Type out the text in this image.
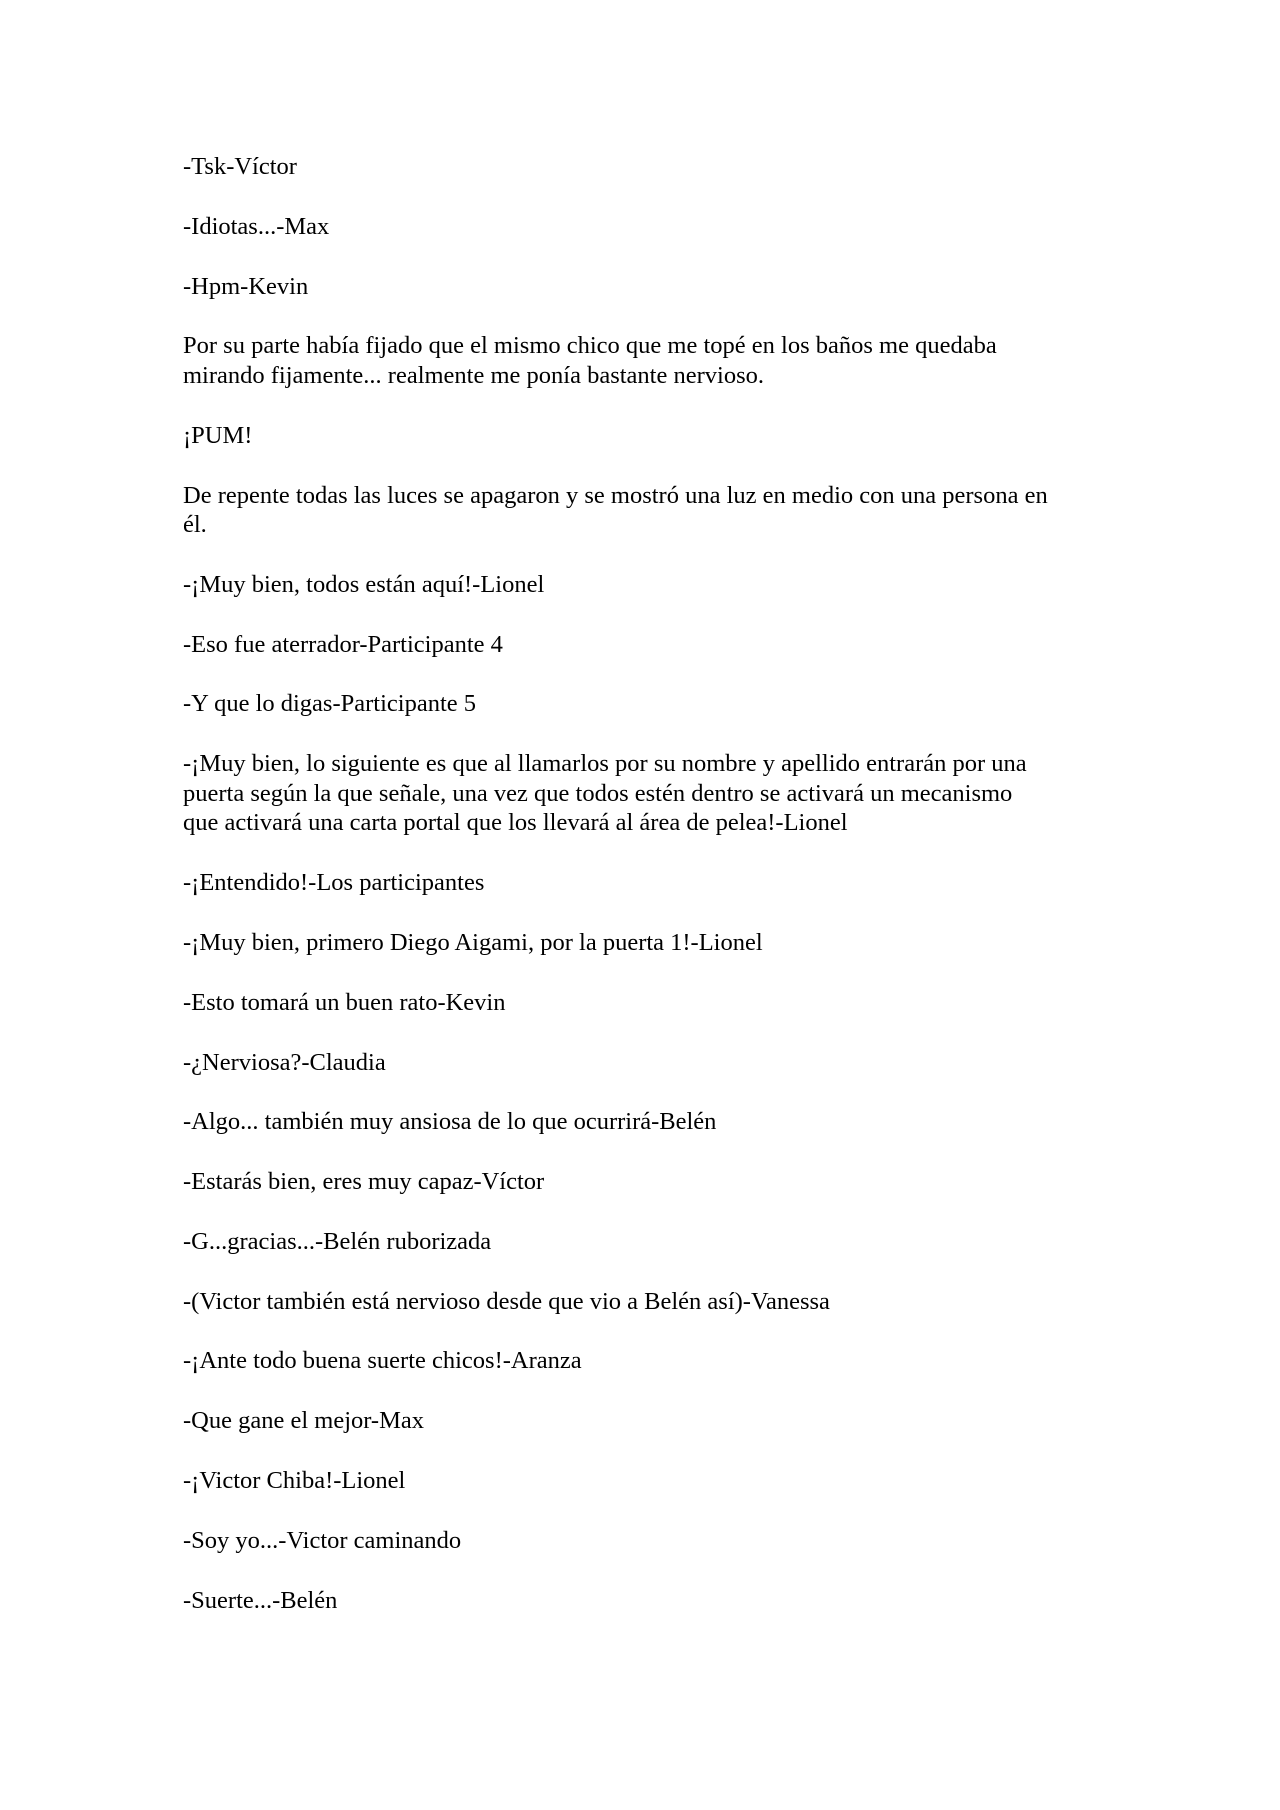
-Tsk-Víctor

-Idiotas...-Max

-Hpm-Kevin

Por su parte había fijado que el mismo chico que me topé en los baños me quedaba
mirando fijamente... realmente me ponía bastante nervioso.

¡PUM!

De repente todas las luces se apagaron y se mostró una luz en medio con una persona en
él.

-¡Muy bien, todos están aquí!-Lionel

-Eso fue aterrador-Participante 4

-Y que lo digas-Participante 5

-¡Muy bien, lo siguiente es que al llamarlos por su nombre y apellido entrarán por una
puerta según la que señale, una vez que todos estén dentro se activará un mecanismo
que activará una carta portal que los llevará al área de pelea!-Lionel

-¡Entendido!-Los participantes

-¡Muy bien, primero Diego Aigami, por la puerta 1!-Lionel

-Esto tomará un buen rato-Kevin

-¿Nerviosa?-Claudia

-Algo... también muy ansiosa de lo que ocurrirá-Belén

-Estarás bien, eres muy capaz-Víctor

-G...gracias...-Belén ruborizada

-(Victor también está nervioso desde que vio a Belén así)-Vanessa

-¡Ante todo buena suerte chicos!-Aranza

-Que gane el mejor-Max

-¡Victor Chiba!-Lionel

-Soy yo...-Victor caminando

-Suerte...-Belén
